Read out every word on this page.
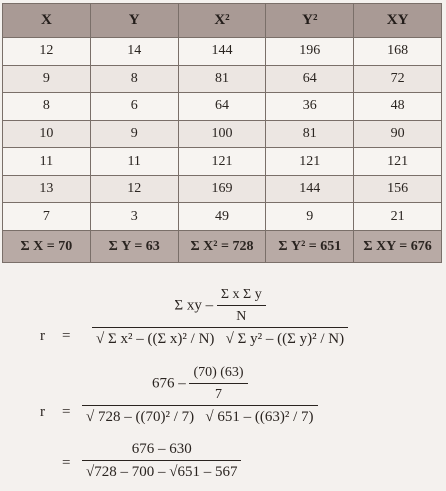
X	Y	X²	Y²	XY
12	14	144	196	168
9	8	81	64	72
8	6	64	36	48
10	9	100	81	90
11	11	121	121	121
13	12	169	144	156
7	3	49	9	21
Σ X = 70	Σ Y = 63	Σ X² = 728	Σ Y² = 651	Σ XY = 676
$r = \frac{\Sigma xy - \frac{\text{Σ x Σ y}}{N}}{\text{√ Σ x² – ((Σ x)² / N) √ Σ y² – ((Σ y)² / N)}}$
$r = \frac{676 - \frac{(70) (63)}{7}}{\text{√ 728 – ((70)² / 7) √ 651 – ((63)² / 7)}}$
= $\frac{676 - 630}{√728 - 700 - √651 - 567}$
